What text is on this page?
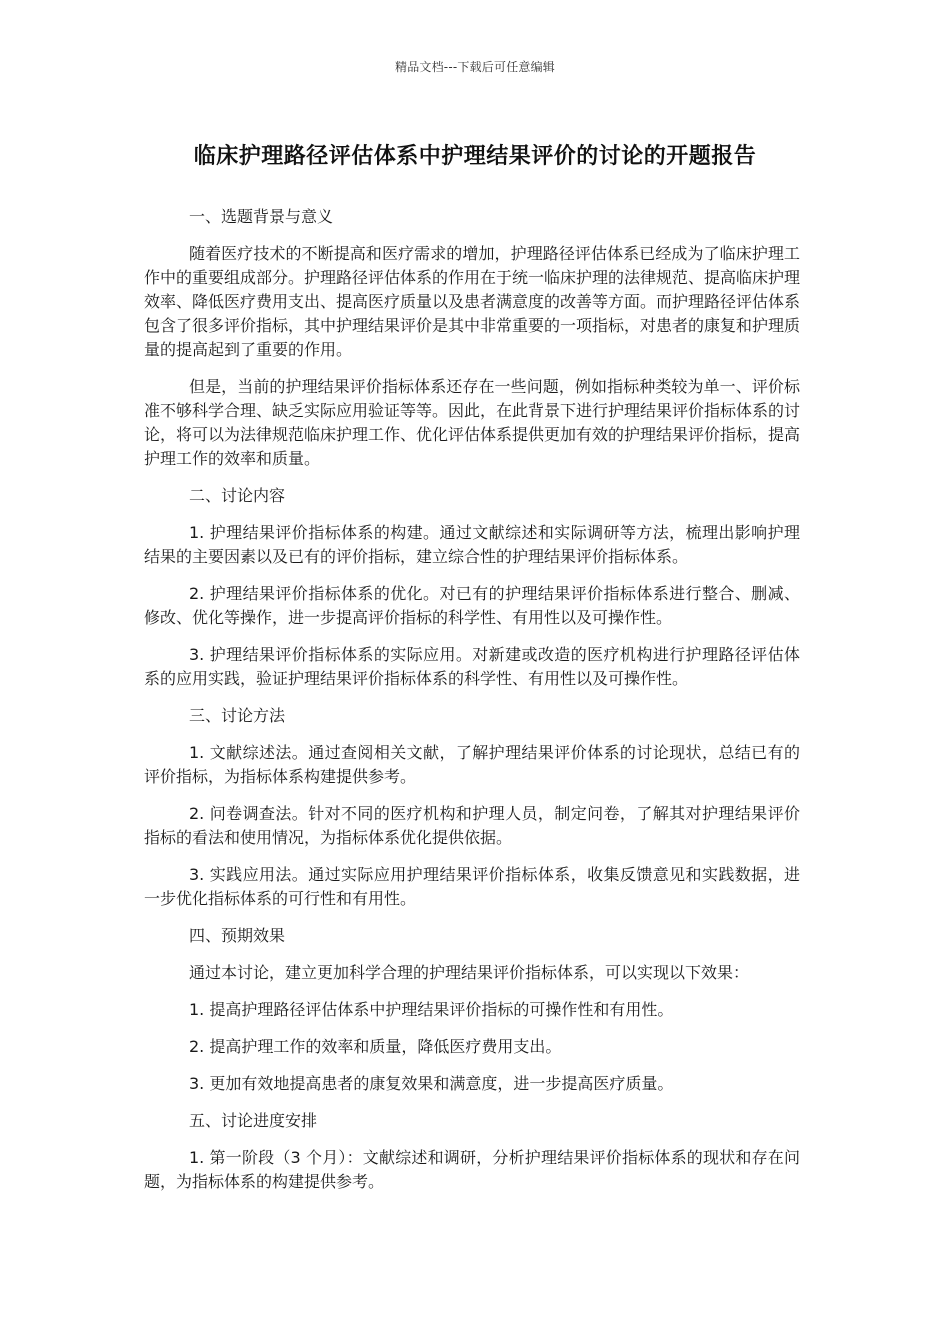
精品文档---下载后可任意编辑
临床护理路径评估体系中护理结果评价的讨论的开题报告
一、选题背景与意义
随着医疗技术的不断提高和医疗需求的增加，护理路径评估体系已经成为了临床护理工作中的重要组成部分。护理路径评估体系的作用在于统一临床护理的法律规范、提高临床护理效率、降低医疗费用支出、提高医疗质量以及患者满意度的改善等方面。而护理路径评估体系包含了很多评价指标，其中护理结果评价是其中非常重要的一项指标，对患者的康复和护理质量的提高起到了重要的作用。
但是，当前的护理结果评价指标体系还存在一些问题，例如指标种类较为单一、评价标准不够科学合理、缺乏实际应用验证等等。因此，在此背景下进行护理结果评价指标体系的讨论，将可以为法律规范临床护理工作、优化评估体系提供更加有效的护理结果评价指标，提高护理工作的效率和质量。
二、讨论内容
1. 护理结果评价指标体系的构建。通过文献综述和实际调研等方法，梳理出影响护理结果的主要因素以及已有的评价指标，建立综合性的护理结果评价指标体系。
2. 护理结果评价指标体系的优化。对已有的护理结果评价指标体系进行整合、删减、修改、优化等操作，进一步提高评价指标的科学性、有用性以及可操作性。
3. 护理结果评价指标体系的实际应用。对新建或改造的医疗机构进行护理路径评估体系的应用实践，验证护理结果评价指标体系的科学性、有用性以及可操作性。
三、讨论方法
1. 文献综述法。通过查阅相关文献，了解护理结果评价体系的讨论现状，总结已有的评价指标，为指标体系构建提供参考。
2. 问卷调查法。针对不同的医疗机构和护理人员，制定问卷，了解其对护理结果评价指标的看法和使用情况，为指标体系优化提供依据。
3. 实践应用法。通过实际应用护理结果评价指标体系，收集反馈意见和实践数据，进一步优化指标体系的可行性和有用性。
四、预期效果
通过本讨论，建立更加科学合理的护理结果评价指标体系，可以实现以下效果：
1. 提高护理路径评估体系中护理结果评价指标的可操作性和有用性。
2. 提高护理工作的效率和质量，降低医疗费用支出。
3. 更加有效地提高患者的康复效果和满意度，进一步提高医疗质量。
五、讨论进度安排
1. 第一阶段（3 个月）：文献综述和调研，分析护理结果评价指标体系的现状和存在问题，为指标体系的构建提供参考。
